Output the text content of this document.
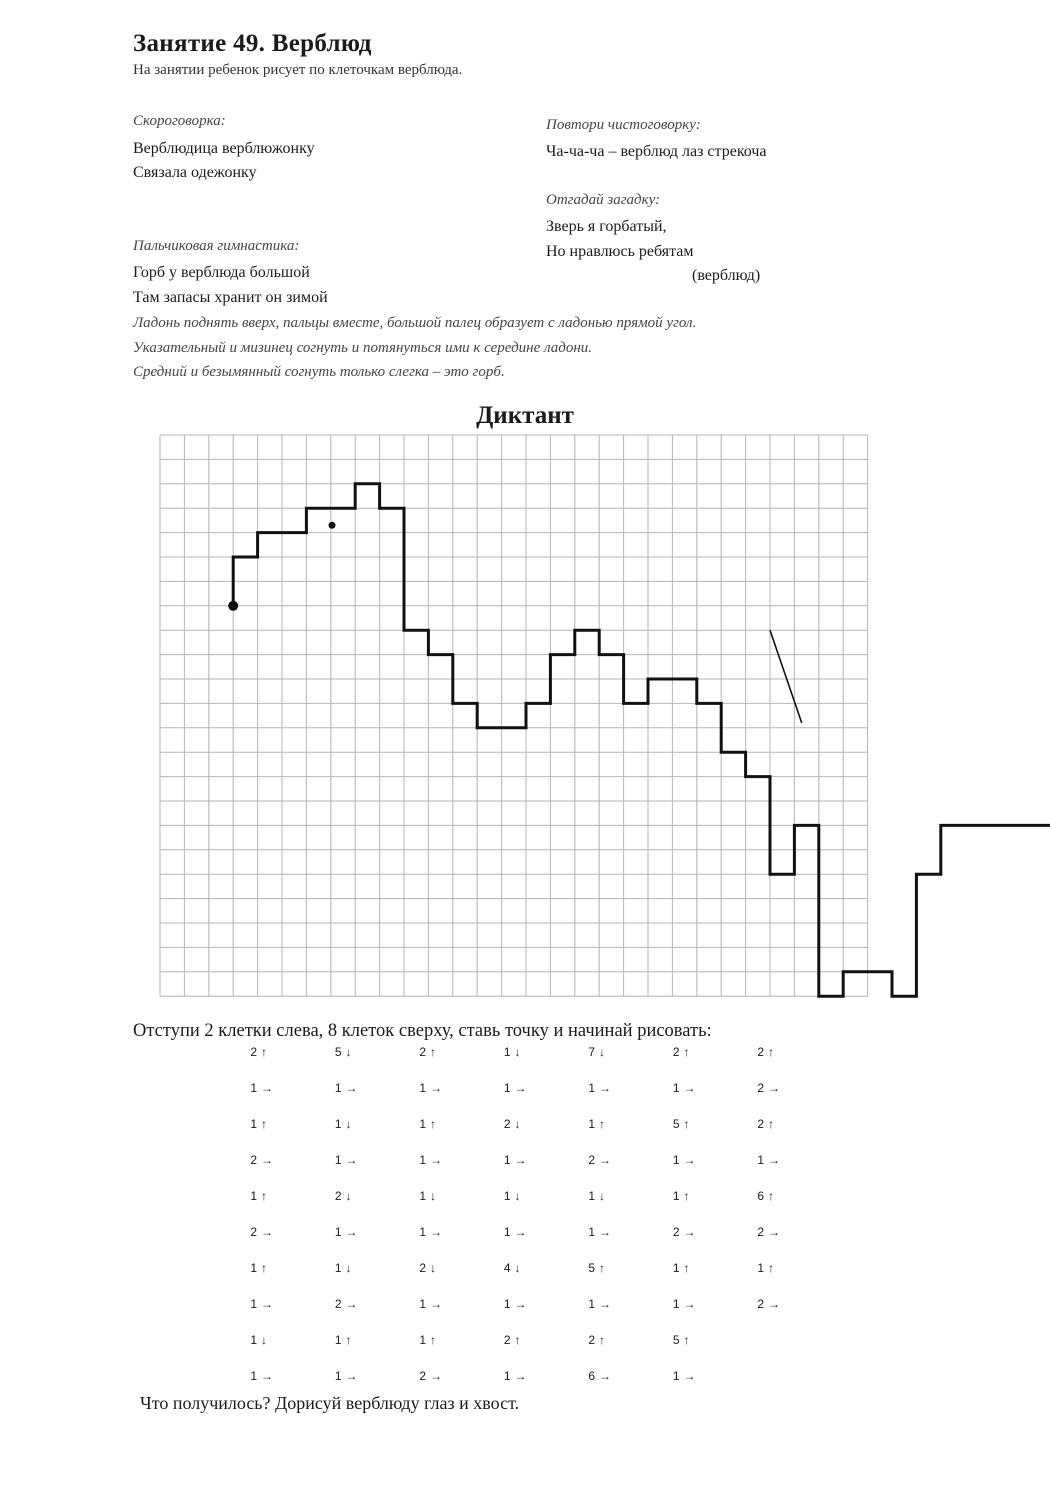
Занятие 49. Верблюд
На занятии ребенок рисует по клеточкам верблюда.
Скороговорка:
Верблюдица верблюжонку
Связала одежонку
Повтори чистоговорку:
Ча-ча-ча – верблюд лаз стрекоча
Отгадай загадку:
Зверь я горбатый,
Но нравлюсь ребятам
(верблюд)
Пальчиковая гимнастика:
Горб у верблюда большой
Там запасы хранит он зимой
Ладонь поднять вверх, пальцы вместе, большой палец образует с ладонью прямой угол.
Указательный и мизинец согнуть и потянуться ими к середине ладони.
Средний и безымянный согнуть только слегка – это горб.
Диктант
Отступи 2 клетки слева, 8 клеток сверху, ставь точку и начинай рисовать:
2 ↑
1 →
1 ↑
2 →
1 ↑
2 →
1 ↑
1 →
1 ↓
1 →
5 ↓
1 →
1 ↓
1 →
2 ↓
1 →
1 ↓
2 →
1 ↑
1 →
2 ↑
1 →
1 ↑
1 →
1 ↓
1 →
2 ↓
1 →
1 ↑
2 →
1 ↓
1 →
2 ↓
1 →
1 ↓
1 →
4 ↓
1 →
2 ↑
1 →
7 ↓
1 →
1 ↑
2 →
1 ↓
1 →
5 ↑
1 →
2 ↑
6 →
2 ↑
1 →
5 ↑
1 →
1 ↑
2 →
1 ↑
1 →
5 ↑
1 →
2 ↑
2 →
2 ↑
1 →
6 ↑
2 →
1 ↑
2 →
Что получилось? Дорисуй верблюду глаз и хвост.
